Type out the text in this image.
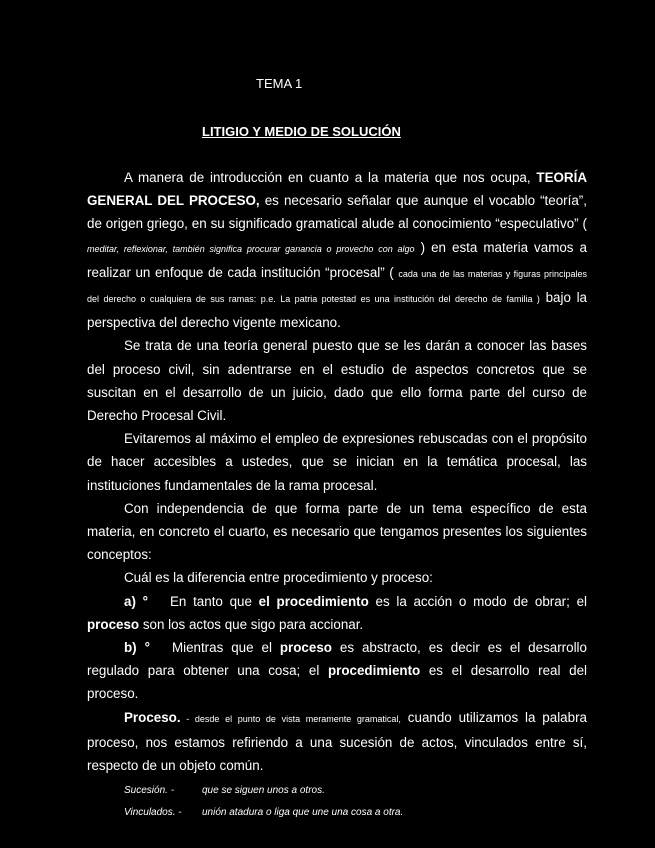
TEMA 1
LITIGIO Y MEDIO DE SOLUCIÓN

A manera de introducción en cuanto a la materia que nos ocupa, TEORÍA GENERAL DEL PROCESO, es necesario señalar que aunque el vocablo “teoría”, de origen griego, en su significado gramatical alude al conocimiento “especulativo” ( meditar, reflexionar, también significa procurar ganancia o provecho con algo ) en esta materia vamos a realizar un enfoque de cada institución “procesal” ( cada una de las materias y figuras principales del derecho o cualquiera de sus ramas: p.e. La patria potestad es una institución del derecho de familia ) bajo la perspectiva del derecho vigente mexicano.

Se trata de una teoría general puesto que se les darán a conocer las bases del proceso civil, sin adentrarse en el estudio de aspectos concretos que se suscitan en el desarrollo de un juicio, dado que ello forma parte del curso de Derecho Procesal Civil.

Evitaremos al máximo el empleo de expresiones rebuscadas con el propósito de hacer accesibles a ustedes, que se inician en la temática procesal, las instituciones fundamentales de la rama procesal.

Con independencia de que forma parte de un tema específico de esta materia, en concreto el cuarto, es necesario que tengamos presentes los siguientes conceptos:

Cuál es la diferencia entre procedimiento y proceso:

a) ° En tanto que el procedimiento es la acción o modo de obrar; el proceso son los actos que sigo para accionar.

b) ° Mientras que el proceso es abstracto, es decir es el desarrollo regulado para obtener una cosa; el procedimiento es el desarrollo real del proceso.

Proceso. - desde el punto de vista meramente gramatical, cuando utilizamos la palabra proceso, nos estamos refiriendo a una sucesión de actos, vinculados entre sí, respecto de un objeto común.

Sucesión. -	que se siguen unos a otros.
Vinculados. -	unión atadura o liga que une una cosa a otra.
